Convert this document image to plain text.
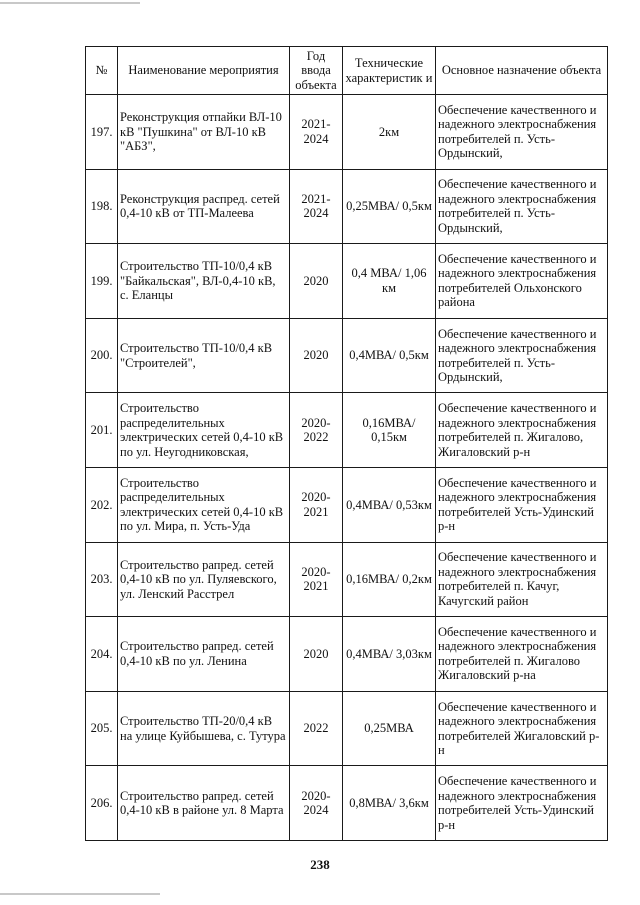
№	Наименование мероприятия	Год ввода объекта	Технические характеристик и	Основное назначение объекта
197.	Реконструкция отпайки ВЛ-10 кВ "Пушкина" от ВЛ-10 кВ "АБЗ",	2021-2024	2км	Обеспечение качественного и надежного электроснабжения потребителей п. Усть-Ордынский,
198.	Реконструкция распред. сетей 0,4-10 кВ от ТП-Малеева	2021-2024	0,25МВА/ 0,5км	Обеспечение качественного и надежного электроснабжения потребителей п. Усть-Ордынский,
199.	Строительство ТП-10/0,4 кВ "Байкальская", ВЛ-0,4-10 кВ, с. Еланцы	2020	0,4 МВА/ 1,06 км	Обеспечение качественного и надежного электроснабжения потребителей Ольхонского района
200.	Строительство ТП-10/0,4 кВ "Строителей",	2020	0,4МВА/ 0,5км	Обеспечение качественного и надежного электроснабжения потребителей п. Усть-Ордынский,
201.	Строительство распределительных электрических сетей 0,4-10 кВ по ул. Неугодниковская,	2020-2022	0,16МВА/ 0,15км	Обеспечение качественного и надежного электроснабжения потребителей п. Жигалово, Жигаловский р-н
202.	Строительство распределительных электрических сетей 0,4-10 кВ по ул. Мира, п. Усть-Уда	2020-2021	0,4МВА/ 0,53км	Обеспечение качественного и надежного электроснабжения потребителей Усть-Удинский р-н
203.	Строительство рапред. сетей 0,4-10 кВ по ул. Пуляевского, ул. Ленский Расстрел	2020-2021	0,16МВА/ 0,2км	Обеспечение качественного и надежного электроснабжения потребителей п. Качуг, Качугский район
204.	Строительство рапред. сетей 0,4-10 кВ по ул. Ленина	2020	0,4МВА/ 3,03км	Обеспечение качественного и надежного электроснабжения потребителей п. Жигалово Жигаловский р-на
205.	Строительство ТП-20/0,4 кВ на улице Куйбышева, с. Тутура	2022	0,25МВА	Обеспечение качественного и надежного электроснабжения потребителей Жигаловский р-н
206.	Строительство рапред. сетей 0,4-10 кВ в районе ул. 8 Марта	2020-2024	0,8МВА/ 3,6км	Обеспечение качественного и надежного электроснабжения потребителей Усть-Удинский р-н
238
